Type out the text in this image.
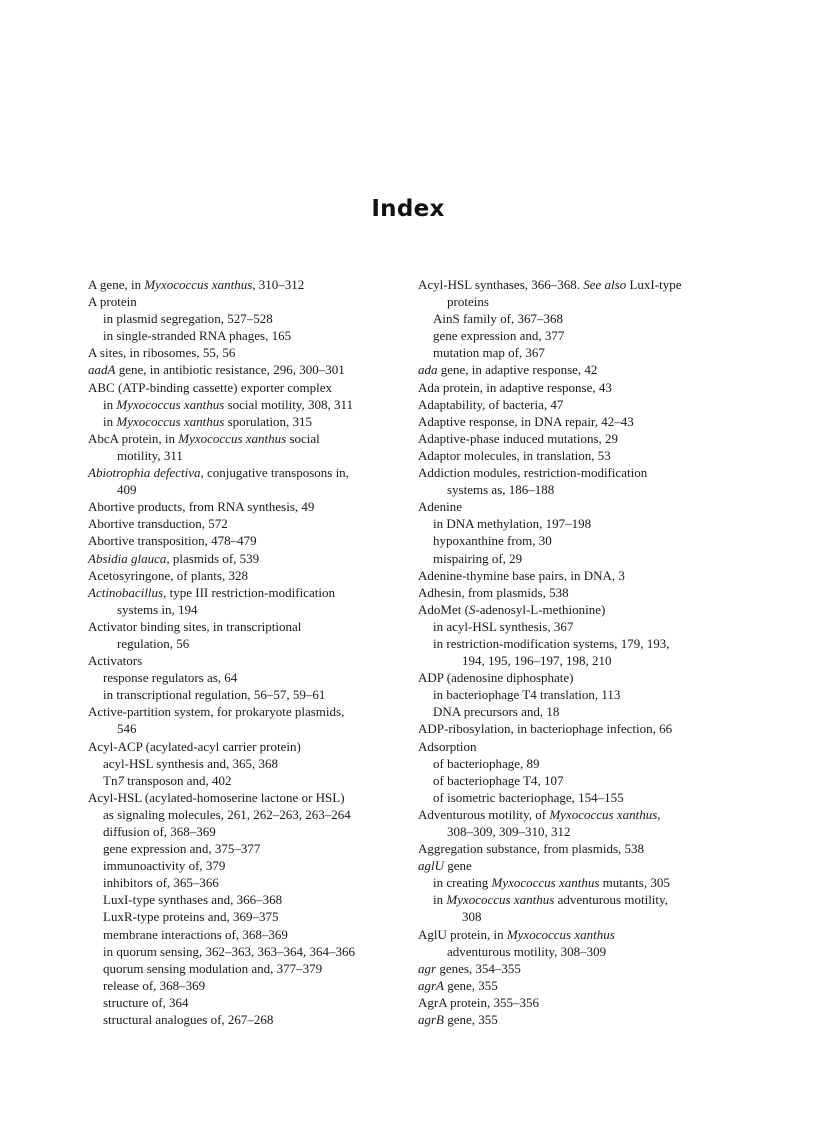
Index
A gene, in Myxococcus xanthus, 310–312
A protein
in plasmid segregation, 527–528
in single-stranded RNA phages, 165
A sites, in ribosomes, 55, 56
aadA gene, in antibiotic resistance, 296, 300–301
ABC (ATP-binding cassette) exporter complex
in Myxococcus xanthus social motility, 308, 311
in Myxococcus xanthus sporulation, 315
AbcA protein, in Myxococcus xanthus social
motility, 311
Abiotrophia defectiva, conjugative transposons in,
409
Abortive products, from RNA synthesis, 49
Abortive transduction, 572
Abortive transposition, 478–479
Absidia glauca, plasmids of, 539
Acetosyringone, of plants, 328
Actinobacillus, type III restriction-modification
systems in, 194
Activator binding sites, in transcriptional
regulation, 56
Activators
response regulators as, 64
in transcriptional regulation, 56–57, 59–61
Active-partition system, for prokaryote plasmids,
546
Acyl-ACP (acylated-acyl carrier protein)
acyl-HSL synthesis and, 365, 368
Tn7 transposon and, 402
Acyl-HSL (acylated-homoserine lactone or HSL)
as signaling molecules, 261, 262–263, 263–264
diffusion of, 368–369
gene expression and, 375–377
immunoactivity of, 379
inhibitors of, 365–366
LuxI-type synthases and, 366–368
LuxR-type proteins and, 369–375
membrane interactions of, 368–369
in quorum sensing, 362–363, 363–364, 364–366
quorum sensing modulation and, 377–379
release of, 368–369
structure of, 364
structural analogues of, 267–268
Acyl-HSL synthases, 366–368. See also LuxI-type
proteins
AinS family of, 367–368
gene expression and, 377
mutation map of, 367
ada gene, in adaptive response, 42
Ada protein, in adaptive response, 43
Adaptability, of bacteria, 47
Adaptive response, in DNA repair, 42–43
Adaptive-phase induced mutations, 29
Adaptor molecules, in translation, 53
Addiction modules, restriction-modification
systems as, 186–188
Adenine
in DNA methylation, 197–198
hypoxanthine from, 30
mispairing of, 29
Adenine-thymine base pairs, in DNA, 3
Adhesin, from plasmids, 538
AdoMet (S-adenosyl-L-methionine)
in acyl-HSL synthesis, 367
in restriction-modification systems, 179, 193,
194, 195, 196–197, 198, 210
ADP (adenosine diphosphate)
in bacteriophage T4 translation, 113
DNA precursors and, 18
ADP-ribosylation, in bacteriophage infection, 66
Adsorption
of bacteriophage, 89
of bacteriophage T4, 107
of isometric bacteriophage, 154–155
Adventurous motility, of Myxococcus xanthus,
308–309, 309–310, 312
Aggregation substance, from plasmids, 538
aglU gene
in creating Myxococcus xanthus mutants, 305
in Myxococcus xanthus adventurous motility,
308
AglU protein, in Myxococcus xanthus
adventurous motility, 308–309
agr genes, 354–355
agrA gene, 355
AgrA protein, 355–356
agrB gene, 355
